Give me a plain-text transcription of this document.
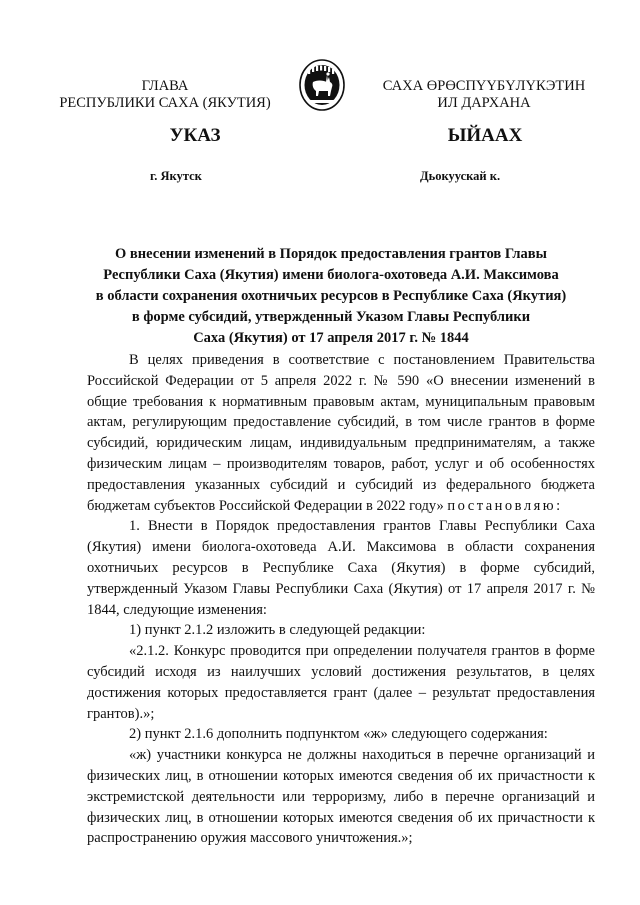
ГЛАВА
РЕСПУБЛИКИ САХА (ЯКУТИЯ)
САХА ӨРӨСПҮҮБҮЛҮКЭТИН
ИЛ ДАРХАНА
УКАЗ	ЫЙААХ
г. Якутск	Дьокуускай к.
О внесении изменений в Порядок предоставления грантов Главы
Республики Саха (Якутия) имени биолога-охотоведа А.И. Максимова
в области сохранения охотничьих ресурсов в Республике Саха (Якутия)
в форме субсидий, утвержденный Указом Главы Республики
Саха (Якутия) от 17 апреля 2017 г. № 1844

В целях приведения в соответствие с постановлением Правительства Российской Федерации от 5 апреля 2022 г. № 590 «О внесении изменений в общие требования к нормативным правовым актам, муниципальным правовым актам, регулирующим предоставление субсидий, в том числе грантов в форме субсидий, юридическим лицам, индивидуальным предпринимателям, а также физическим лицам – производителям товаров, работ, услуг и об особенностях предоставления указанных субсидий и субсидий из федерального бюджета бюджетам субъектов Российской Федерации в 2022 году» постановляю:

1. Внести в Порядок предоставления грантов Главы Республики Саха (Якутия) имени биолога-охотоведа А.И. Максимова в области сохранения охотничьих ресурсов в Республике Саха (Якутия) в форме субсидий, утвержденный Указом Главы Республики Саха (Якутия) от 17 апреля 2017 г. № 1844, следующие изменения:

1) пункт 2.1.2 изложить в следующей редакции:

«2.1.2. Конкурс проводится при определении получателя грантов в форме субсидий исходя из наилучших условий достижения результатов, в целях достижения которых предоставляется грант (далее – результат предоставления грантов).»;

2) пункт 2.1.6 дополнить подпунктом «ж» следующего содержания:

«ж) участники конкурса не должны находиться в перечне организаций и физических лиц, в отношении которых имеются сведения об их причастности к экстремистской деятельности или терроризму, либо в перечне организаций и физических лиц, в отношении которых имеются сведения об их причастности к распространению оружия массового уничтожения.»;
